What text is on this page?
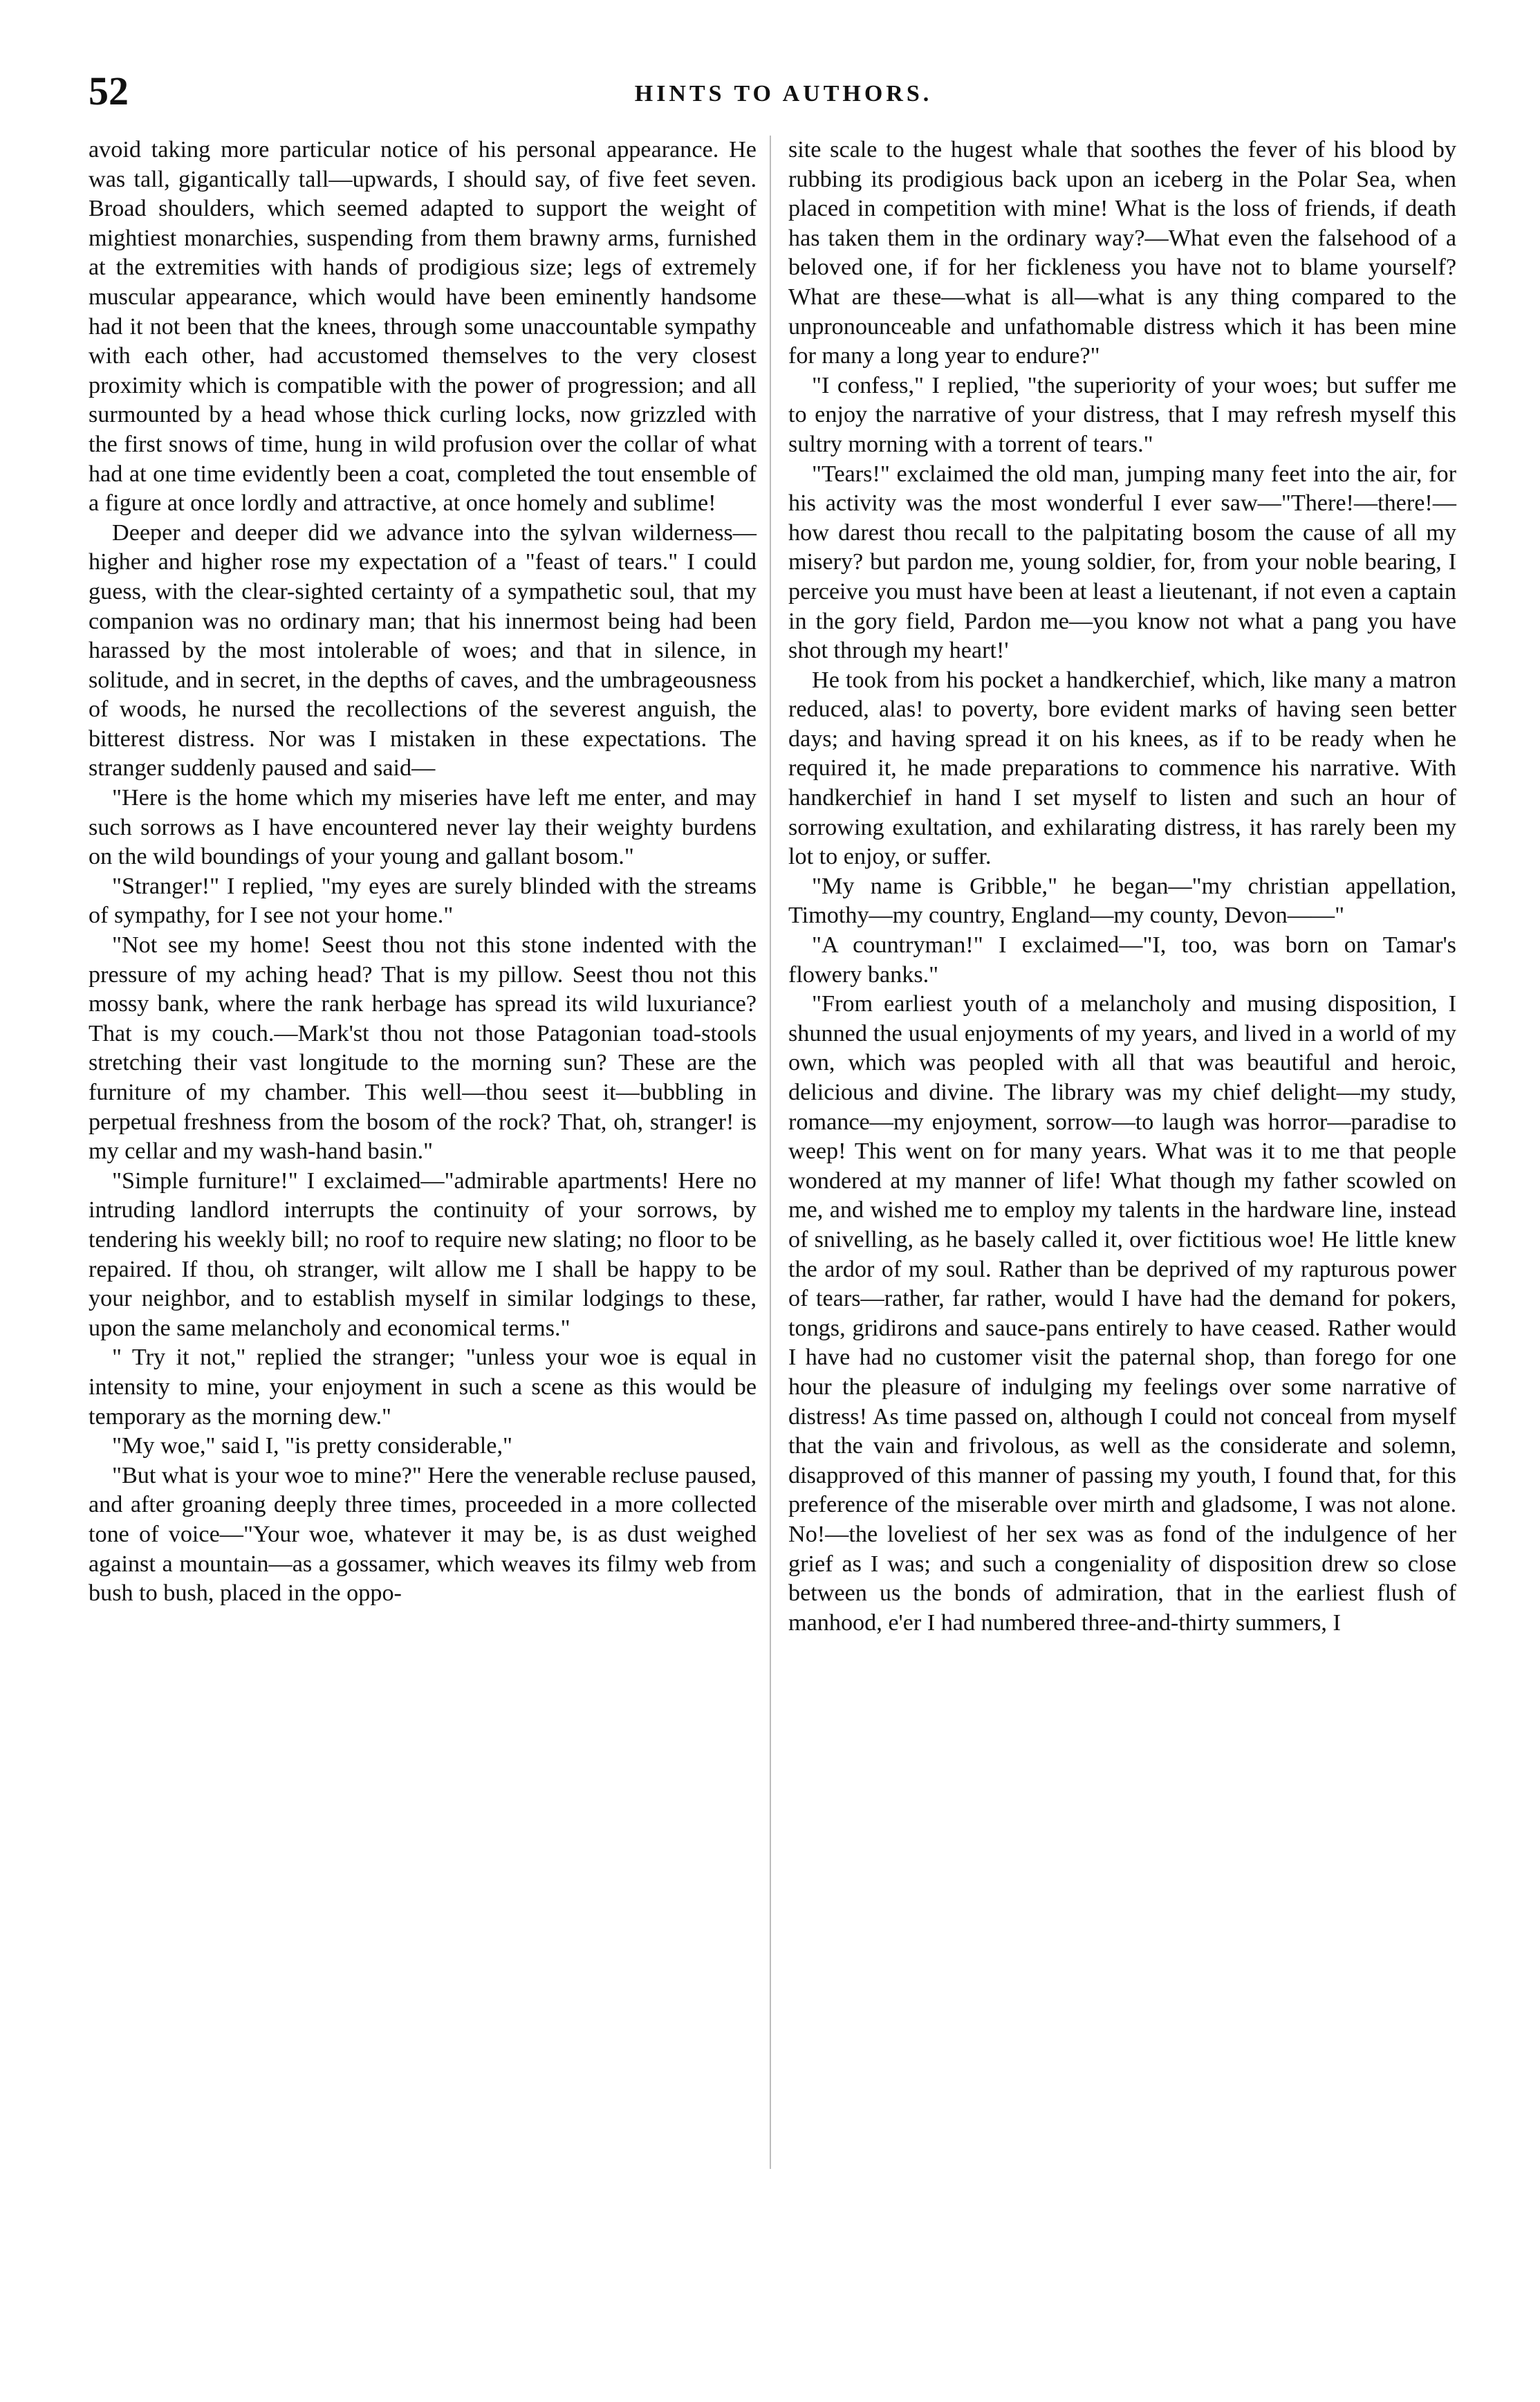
52	HINTS TO AUTHORS.

avoid taking more particular notice of his personal appearance. He was tall, gigantically tall—upwards, I should say, of five feet seven. Broad shoulders, which seemed adapted to support the weight of mightiest monarchies, suspending from them brawny arms, furnished at the extremities with hands of prodigious size; legs of extremely muscular appearance, which would have been eminently handsome had it not been that the knees, through some unaccountable sympathy with each other, had accustomed themselves to the very closest proximity which is compatible with the power of progression; and all surmounted by a head whose thick curling locks, now grizzled with the first snows of time, hung in wild profusion over the collar of what had at one time evidently been a coat, completed the tout ensemble of a figure at once lordly and attractive, at once homely and sublime!

Deeper and deeper did we advance into the sylvan wilderness—higher and higher rose my expectation of a "feast of tears." I could guess, with the clear-sighted certainty of a sympathetic soul, that my companion was no ordinary man; that his innermost being had been harassed by the most intolerable of woes; and that in silence, in solitude, and in secret, in the depths of caves, and the umbrageousness of woods, he nursed the recollections of the severest anguish, the bitterest distress. Nor was I mistaken in these expectations. The stranger suddenly paused and said—

"Here is the home which my miseries have left me enter, and may such sorrows as I have encountered never lay their weighty burdens on the wild boundings of your young and gallant bosom."

"Stranger!" I replied, "my eyes are surely blinded with the streams of sympathy, for I see not your home."

"Not see my home! Seest thou not this stone indented with the pressure of my aching head? That is my pillow. Seest thou not this mossy bank, where the rank herbage has spread its wild luxuriance? That is my couch.—Mark'st thou not those Patagonian toad-stools stretching their vast longitude to the morning sun? These are the furniture of my chamber. This well—thou seest it—bubbling in perpetual freshness from the bosom of the rock? That, oh, stranger! is my cellar and my wash-hand basin."

"Simple furniture!" I exclaimed—"admirable apartments! Here no intruding landlord interrupts the continuity of your sorrows, by tendering his weekly bill; no roof to require new slating; no floor to be repaired. If thou, oh stranger, wilt allow me I shall be happy to be your neighbor, and to establish myself in similar lodgings to these, upon the same melancholy and economical terms."

" Try it not," replied the stranger; "unless your woe is equal in intensity to mine, your enjoyment in such a scene as this would be temporary as the morning dew."

"My woe," said I, "is pretty considerable,"

"But what is your woe to mine?" Here the venerable recluse paused, and after groaning deeply three times, proceeded in a more collected tone of voice—"Your woe, whatever it may be, is as dust weighed against a mountain—as a gossamer, which weaves its filmy web from bush to bush, placed in the oppo-

site scale to the hugest whale that soothes the fever of his blood by rubbing its prodigious back upon an iceberg in the Polar Sea, when placed in competition with mine! What is the loss of friends, if death has taken them in the ordinary way?—What even the falsehood of a beloved one, if for her fickleness you have not to blame yourself? What are these—what is all—what is any thing compared to the unpronounceable and unfathomable distress which it has been mine for many a long year to endure?"

"I confess," I replied, "the superiority of your woes; but suffer me to enjoy the narrative of your distress, that I may refresh myself this sultry morning with a torrent of tears."

"Tears!" exclaimed the old man, jumping many feet into the air, for his activity was the most wonderful I ever saw—"There!—there!—how darest thou recall to the palpitating bosom the cause of all my misery? but pardon me, young soldier, for, from your noble bearing, I perceive you must have been at least a lieutenant, if not even a captain in the gory field, Pardon me—you know not what a pang you have shot through my heart!'

He took from his pocket a handkerchief, which, like many a matron reduced, alas! to poverty, bore evident marks of having seen better days; and having spread it on his knees, as if to be ready when he required it, he made preparations to commence his narrative. With handkerchief in hand I set myself to listen and such an hour of sorrowing exultation, and exhilarating distress, it has rarely been my lot to enjoy, or suffer.

"My name is Gribble," he began—"my christian appellation, Timothy—my country, England—my county, Devon——"

"A countryman!" I exclaimed—"I, too, was born on Tamar's flowery banks."

"From earliest youth of a melancholy and musing disposition, I shunned the usual enjoyments of my years, and lived in a world of my own, which was peopled with all that was beautiful and heroic, delicious and divine. The library was my chief delight—my study, romance—my enjoyment, sorrow—to laugh was horror—paradise to weep! This went on for many years. What was it to me that people wondered at my manner of life! What though my father scowled on me, and wished me to employ my talents in the hardware line, instead of snivelling, as he basely called it, over fictitious woe! He little knew the ardor of my soul. Rather than be deprived of my rapturous power of tears—rather, far rather, would I have had the demand for pokers, tongs, gridirons and sauce-pans entirely to have ceased. Rather would I have had no customer visit the paternal shop, than forego for one hour the pleasure of indulging my feelings over some narrative of distress! As time passed on, although I could not conceal from myself that the vain and frivolous, as well as the considerate and solemn, disapproved of this manner of passing my youth, I found that, for this preference of the miserable over mirth and gladsome, I was not alone. No!—the loveliest of her sex was as fond of the indulgence of her grief as I was; and such a congeniality of disposition drew so close between us the bonds of admiration, that in the earliest flush of manhood, e'er I had numbered three-and-thirty summers, I
